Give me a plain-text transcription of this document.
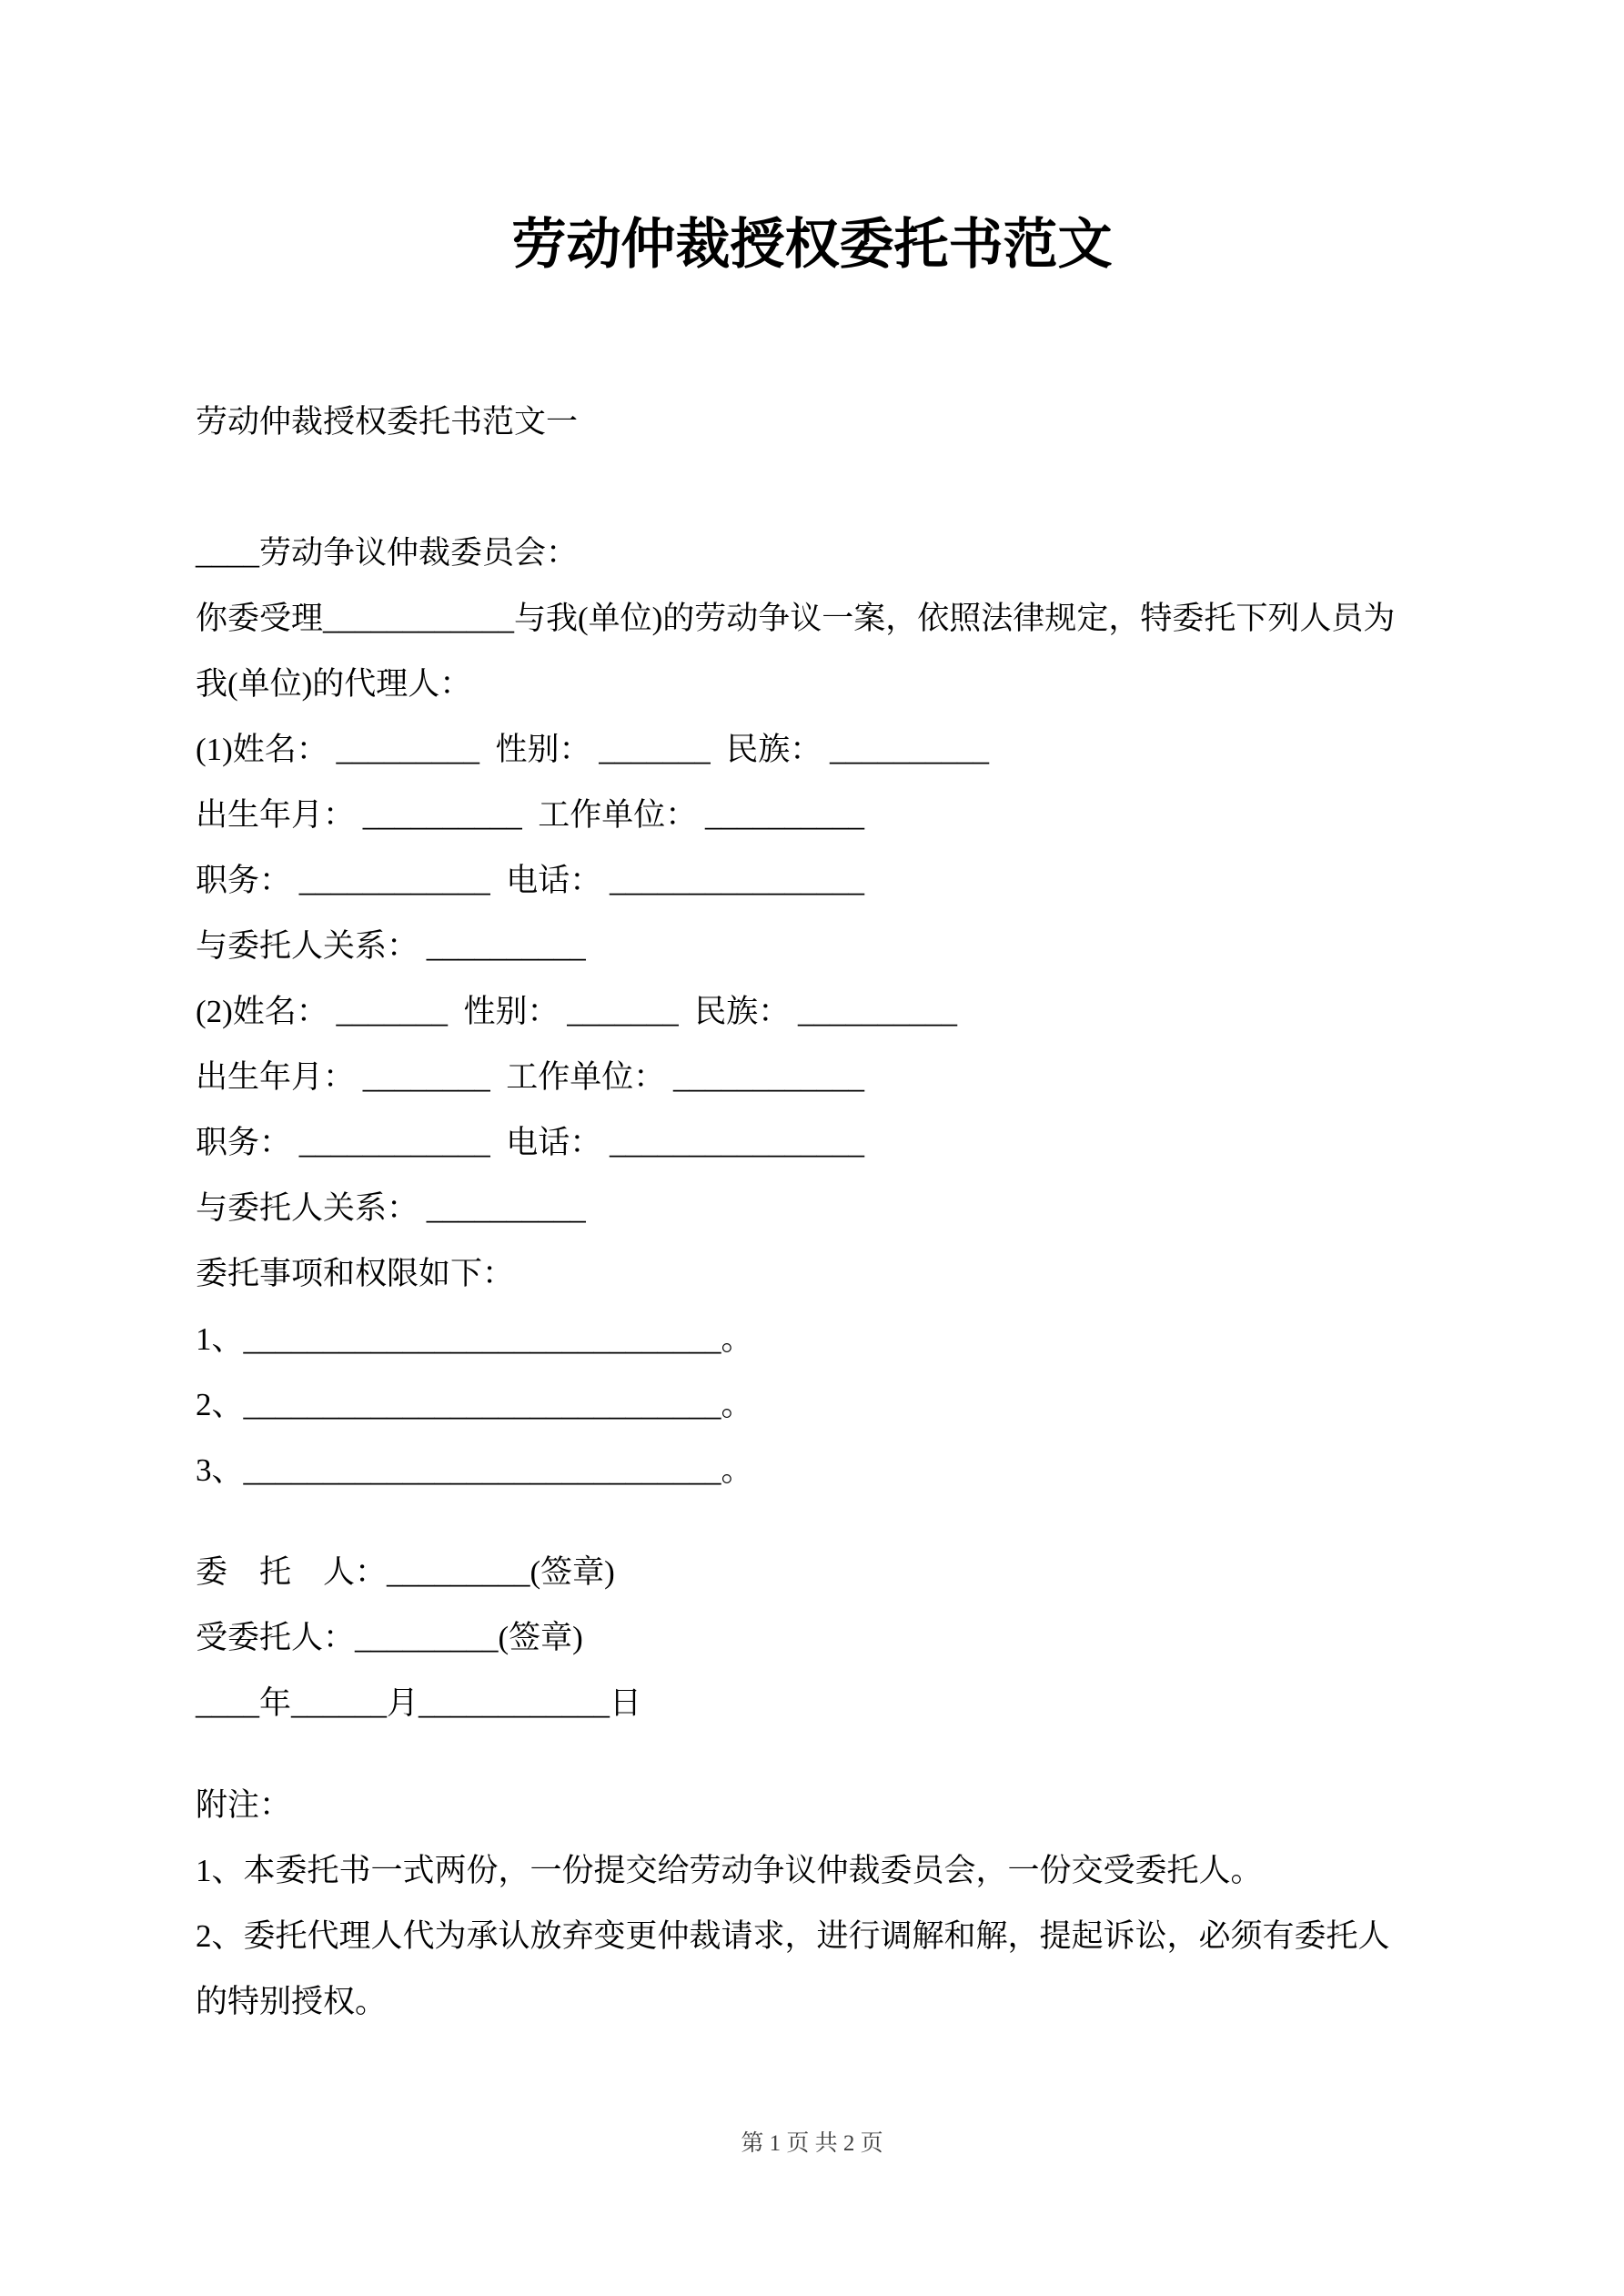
劳动仲裁授权委托书范文

劳动仲裁授权委托书范文一

____劳动争议仲裁委员会：

你委受理____________与我(单位)的劳动争议一案，依照法律规定，特委托下列人员为

我(单位)的代理人：

(1)姓名： _________  性别： _______  民族： __________

出生年月： __________  工作单位： __________

职务： ____________  电话： ________________

与委托人关系： __________

(2)姓名： _______  性别： _______  民族： __________

出生年月： ________  工作单位： ____________

职务： ____________  电话： ________________

与委托人关系： __________

委托事项和权限如下：

1、______________________________。

2、______________________________。

3、______________________________。

委　托　人：_________(签章)

受委托人：_________(签章)

____年______月____________日

附注：

1、本委托书一式两份，一份提交给劳动争议仲裁委员会，一份交受委托人。

2、委托代理人代为承认放弃变更仲裁请求，进行调解和解，提起诉讼，必须有委托人

的特别授权。

第 1 页 共 2 页
